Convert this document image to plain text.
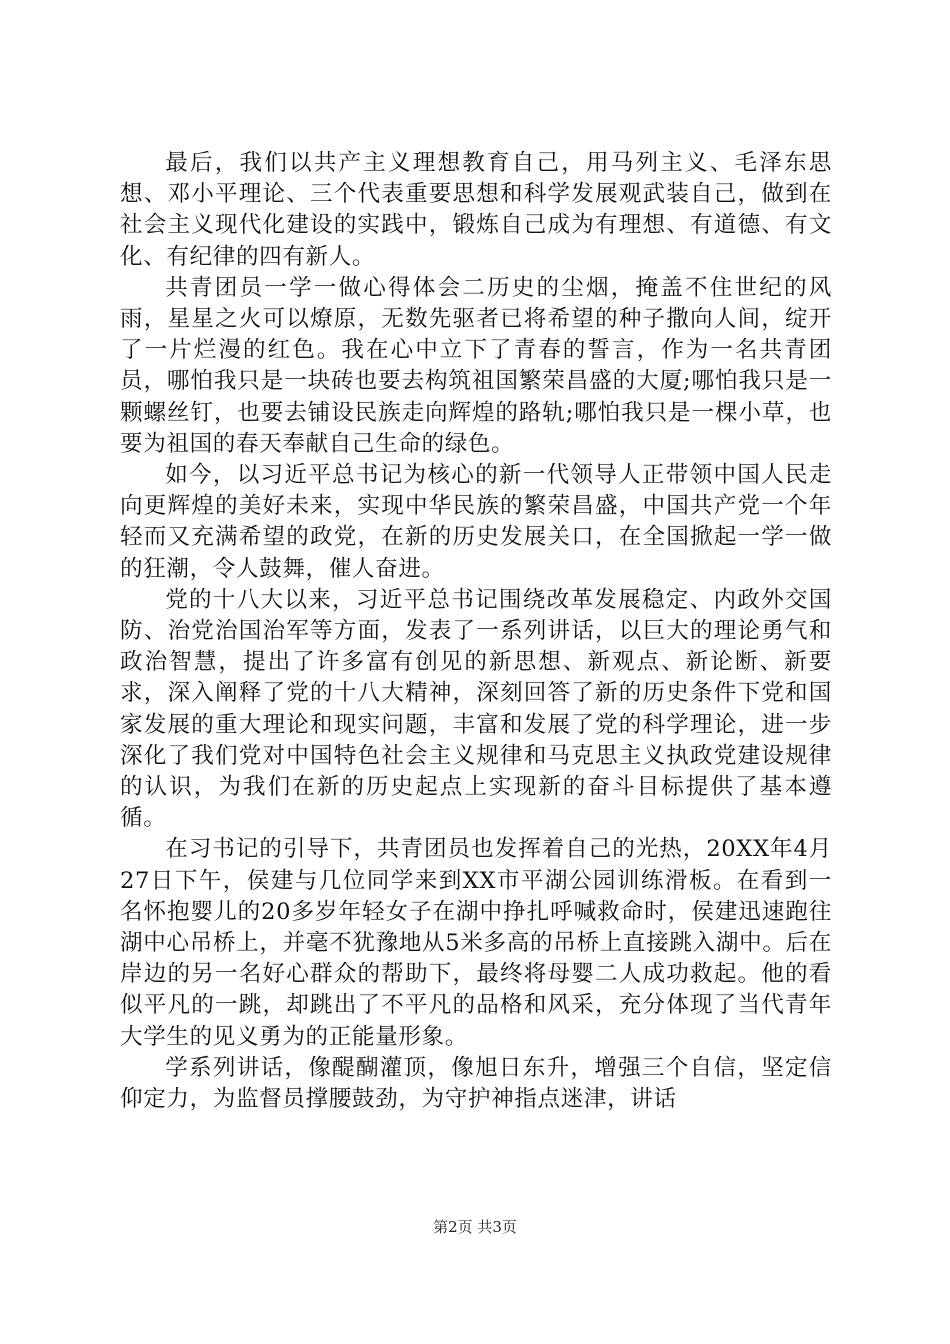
最后，我们以共产主义理想教育自己，用马列主义、毛泽东思想、邓小平理论、三个代表重要思想和科学发展观武装自己，做到在社会主义现代化建设的实践中，锻炼自己成为有理想、有道德、有文化、有纪律的四有新人。

共青团员一学一做心得体会二历史的尘烟，掩盖不住世纪的风雨，星星之火可以燎原，无数先驱者已将希望的种子撒向人间，绽开了一片烂漫的红色。我在心中立下了青春的誓言，作为一名共青团员，哪怕我只是一块砖也要去构筑祖国繁荣昌盛的大厦;哪怕我只是一颗螺丝钉，也要去铺设民族走向辉煌的路轨;哪怕我只是一棵小草，也要为祖国的春天奉献自己生命的绿色。

如今，以习近平总书记为核心的新一代领导人正带领中国人民走向更辉煌的美好未来，实现中华民族的繁荣昌盛，中国共产党一个年轻而又充满希望的政党，在新的历史发展关口，在全国掀起一学一做的狂潮，令人鼓舞，催人奋进。

党的十八大以来，习近平总书记围绕改革发展稳定、内政外交国防、治党治国治军等方面，发表了一系列讲话，以巨大的理论勇气和政治智慧，提出了许多富有创见的新思想、新观点、新论断、新要求，深入阐释了党的十八大精神，深刻回答了新的历史条件下党和国家发展的重大理论和现实问题，丰富和发展了党的科学理论，进一步深化了我们党对中国特色社会主义规律和马克思主义执政党建设规律的认识，为我们在新的历史起点上实现新的奋斗目标提供了基本遵循。

在习书记的引导下，共青团员也发挥着自己的光热，20XX年4月27日下午，侯建与几位同学来到XX市平湖公园训练滑板。在看到一名怀抱婴儿的20多岁年轻女子在湖中挣扎呼喊救命时，侯建迅速跑往湖中心吊桥上，并毫不犹豫地从5米多高的吊桥上直接跳入湖中。后在岸边的另一名好心群众的帮助下，最终将母婴二人成功救起。他的看似平凡的一跳，却跳出了不平凡的品格和风采，充分体现了当代青年大学生的见义勇为的正能量形象。

学系列讲话，像醍醐灌顶，像旭日东升，增强三个自信，坚定信仰定力，为监督员撑腰鼓劲，为守护神指点迷津，讲话

第2页 共3页
